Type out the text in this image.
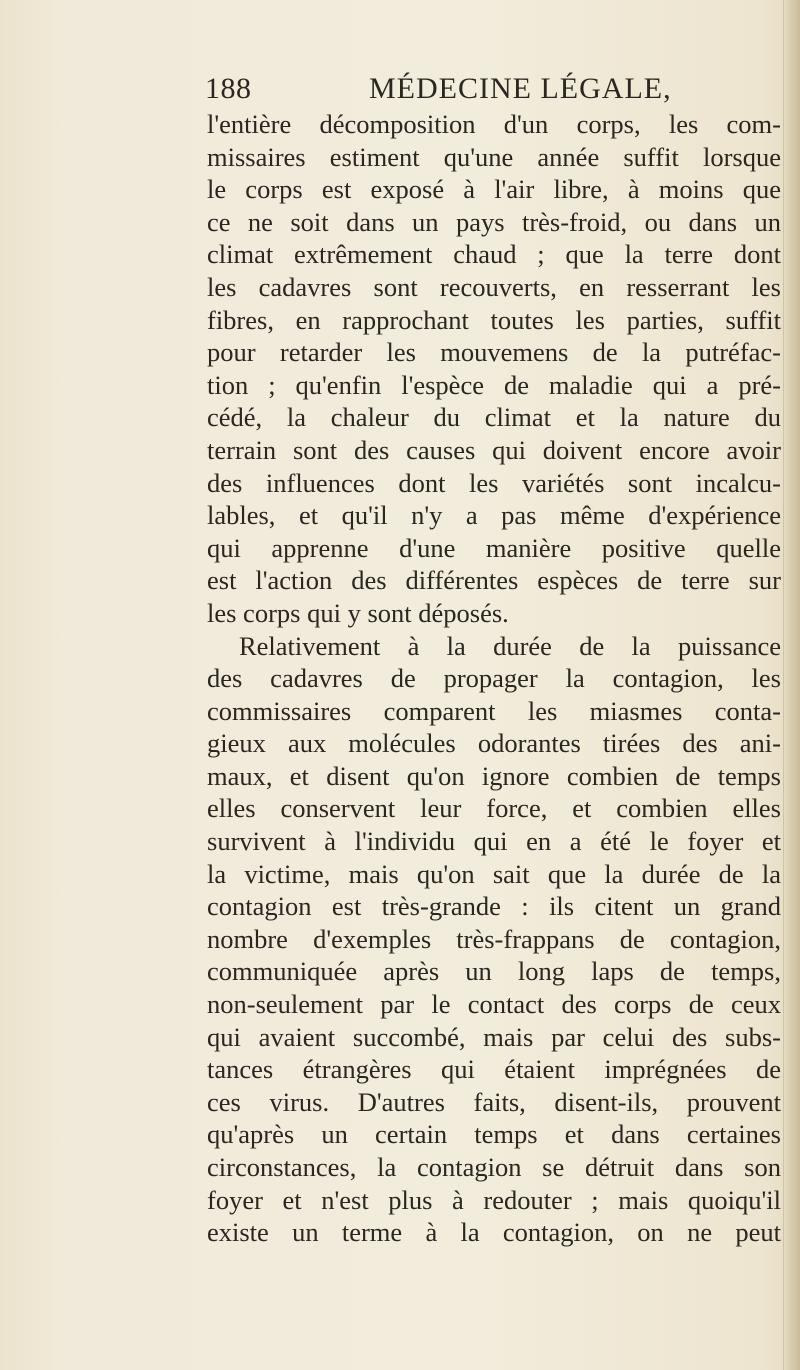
188	MÉDECINE LÉGALE,
l'entière décomposition d'un corps, les com-
missaires estiment qu'une année suffit lorsque
le corps est exposé à l'air libre, à moins que
ce ne soit dans un pays très-froid, ou dans un
climat extrêmement chaud ; que la terre dont
les cadavres sont recouverts, en resserrant les
fibres, en rapprochant toutes les parties, suffit
pour retarder les mouvemens de la putréfac-
tion ; qu'enfin l'espèce de maladie qui a pré-
cédé, la chaleur du climat et la nature du
terrain sont des causes qui doivent encore avoir
des influences dont les variétés sont incalcu-
lables, et qu'il n'y a pas même d'expérience
qui apprenne d'une manière positive quelle
est l'action des différentes espèces de terre sur
les corps qui y sont déposés.
Relativement à la durée de la puissance
des cadavres de propager la contagion, les
commissaires comparent les miasmes conta-
gieux aux molécules odorantes tirées des ani-
maux, et disent qu'on ignore combien de temps
elles conservent leur force, et combien elles
survivent à l'individu qui en a été le foyer et
la victime, mais qu'on sait que la durée de la
contagion est très-grande : ils citent un grand
nombre d'exemples très-frappans de contagion,
communiquée après un long laps de temps,
non-seulement par le contact des corps de ceux
qui avaient succombé, mais par celui des subs-
tances étrangères qui étaient imprégnées de
ces virus. D'autres faits, disent-ils, prouvent
qu'après un certain temps et dans certaines
circonstances, la contagion se détruit dans son
foyer et n'est plus à redouter ; mais quoiqu'il
existe un terme à la contagion, on ne peut
